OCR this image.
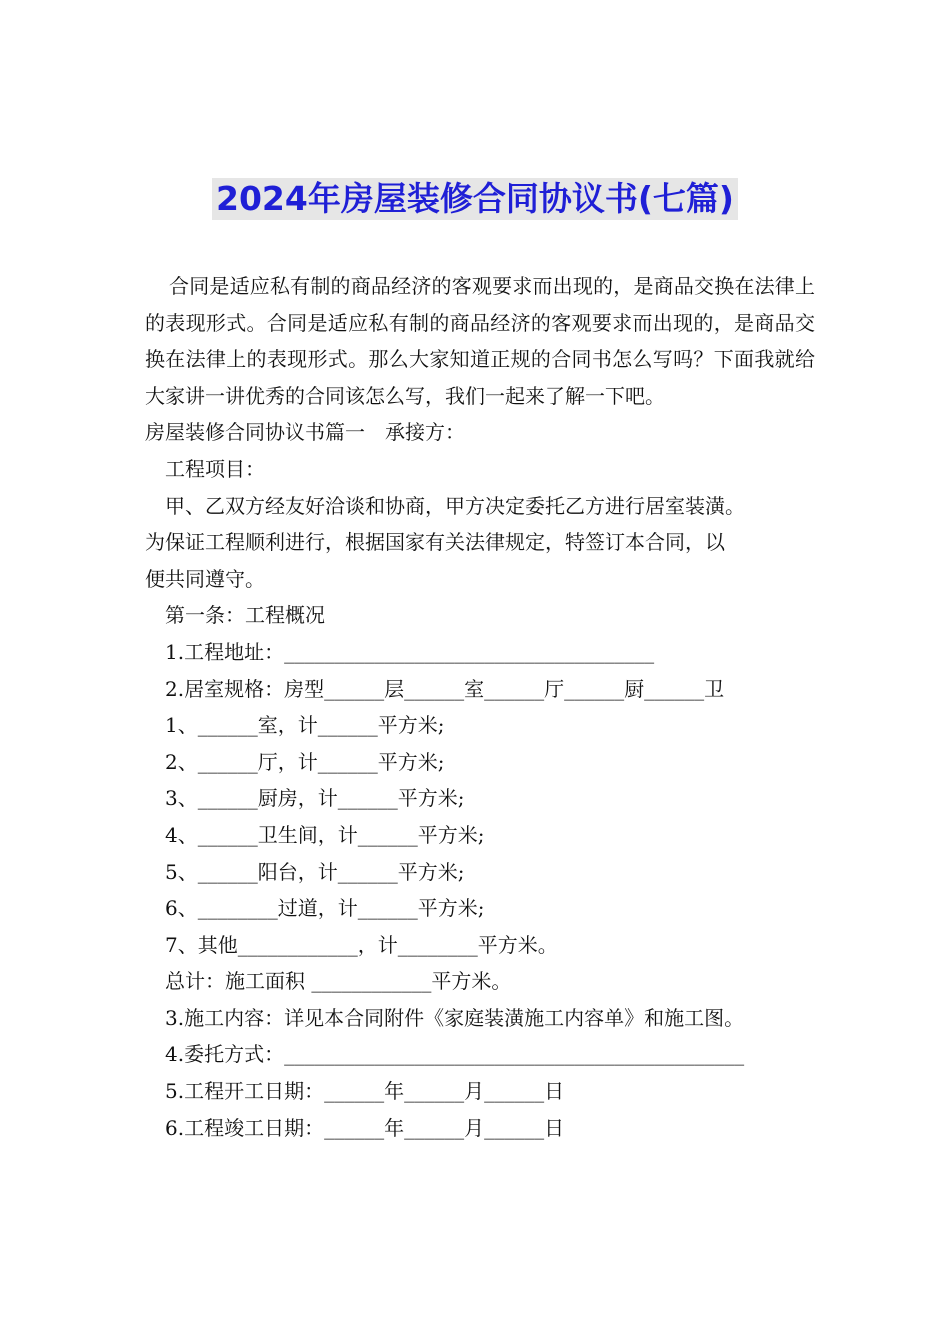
2024年房屋装修合同协议书(七篇)

合同是适应私有制的商品经济的客观要求而出现的，是商品交换在法律上的表现形式。合同是适应私有制的商品经济的客观要求而出现的，是商品交换在法律上的表现形式。那么大家知道正规的合同书怎么写吗？下面我就给大家讲一讲优秀的合同该怎么写，我们一起来了解一下吧。

房屋装修合同协议书篇一　承接方：

工程项目：

甲、乙双方经友好洽谈和协商，甲方决定委托乙方进行居室装潢。

为保证工程顺利进行，根据国家有关法律规定，特签订本合同，以

便共同遵守。

第一条：工程概况

1.工程地址：_____________________________________

2.居室规格：房型______层______室______厅______厨______卫

1、______室，计______平方米;

2、______厅，计______平方米;

3、______厨房，计______平方米;

4、______卫生间，计______平方米;

5、______阳台，计______平方米;

6、________过道，计______平方米;

7、其他____________，计________平方米。

总计：施工面积 ____________平方米。

3.施工内容：详见本合同附件《家庭装潢施工内容单》和施工图。

4.委托方式：______________________________________________

5.工程开工日期：______年______月______日

6.工程竣工日期：______年______月______日
